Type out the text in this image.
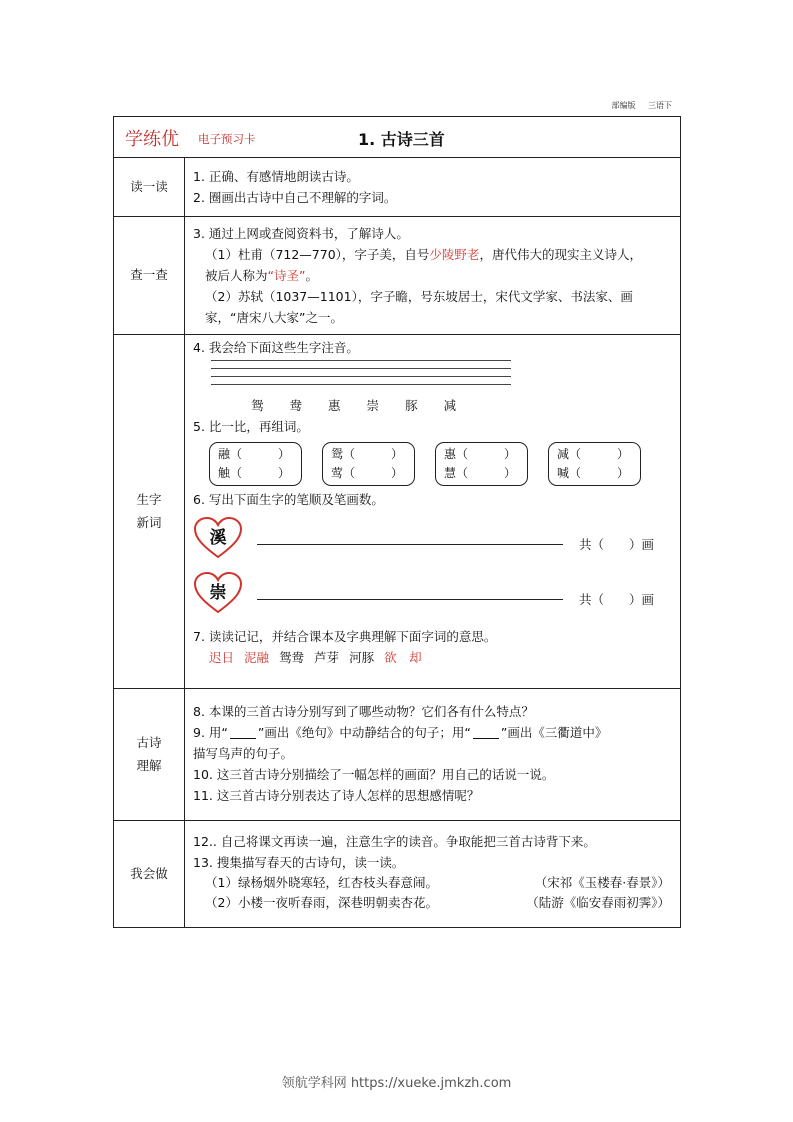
部编版 三语下
学练优 电子预习卡	1. 古诗三首
读一读
1. 正确、有感情地朗读古诗。
2. 圈画出古诗中自己不理解的字词。
查一查
3. 通过上网或查阅资料书，了解诗人。
（1）杜甫（712—770），字子美，自号少陵野老，唐代伟大的现实主义诗人，
被后人称为“诗圣”。
（2）苏轼（1037—1101），字子瞻，号东坡居士，宋代文学家、书法家、画
家，“唐宋八大家”之一。
生字
新词
4. 我会给下面这些生字注音。
鸳 鸯 惠 崇 豚 减
5. 比一比，再组词。
融（　　　）
触（　　　）
鸳（　　　）
莺（　　　）
惠（　　　）
慧（　　　）
减（　　　）
喊（　　　）
6. 写出下面生字的笔顺及笔画数。
溪	共（　　）画
崇	共（　　）画
7. 读读记记，并结合课本及字典理解下面字词的意思。
迟日 泥融 鸳鸯 芦芽 河豚 欲　却
古诗
理解
8. 本课的三首古诗分别写到了哪些动物？它们各有什么特点？
9. 用“ ”画出《绝句》中动静结合的句子；用“ ”画出《三衢道中》
描写鸟声的句子。
10. 这三首古诗分别描绘了一幅怎样的画面？用自己的话说一说。
11. 这三首古诗分别表达了诗人怎样的思想感情呢？
我会做
12.. 自己将课文再读一遍，注意生字的读音。争取能把三首古诗背下来。
13. 搜集描写春天的古诗句，读一读。
（1）绿杨烟外晓寒轻，红杏枝头春意闹。	（宋祁《玉楼春·春景》）
（2）小楼一夜听春雨，深巷明朝卖杏花。	（陆游《临安春雨初霁》）
领航学科网 https://xueke.jmkzh.com
